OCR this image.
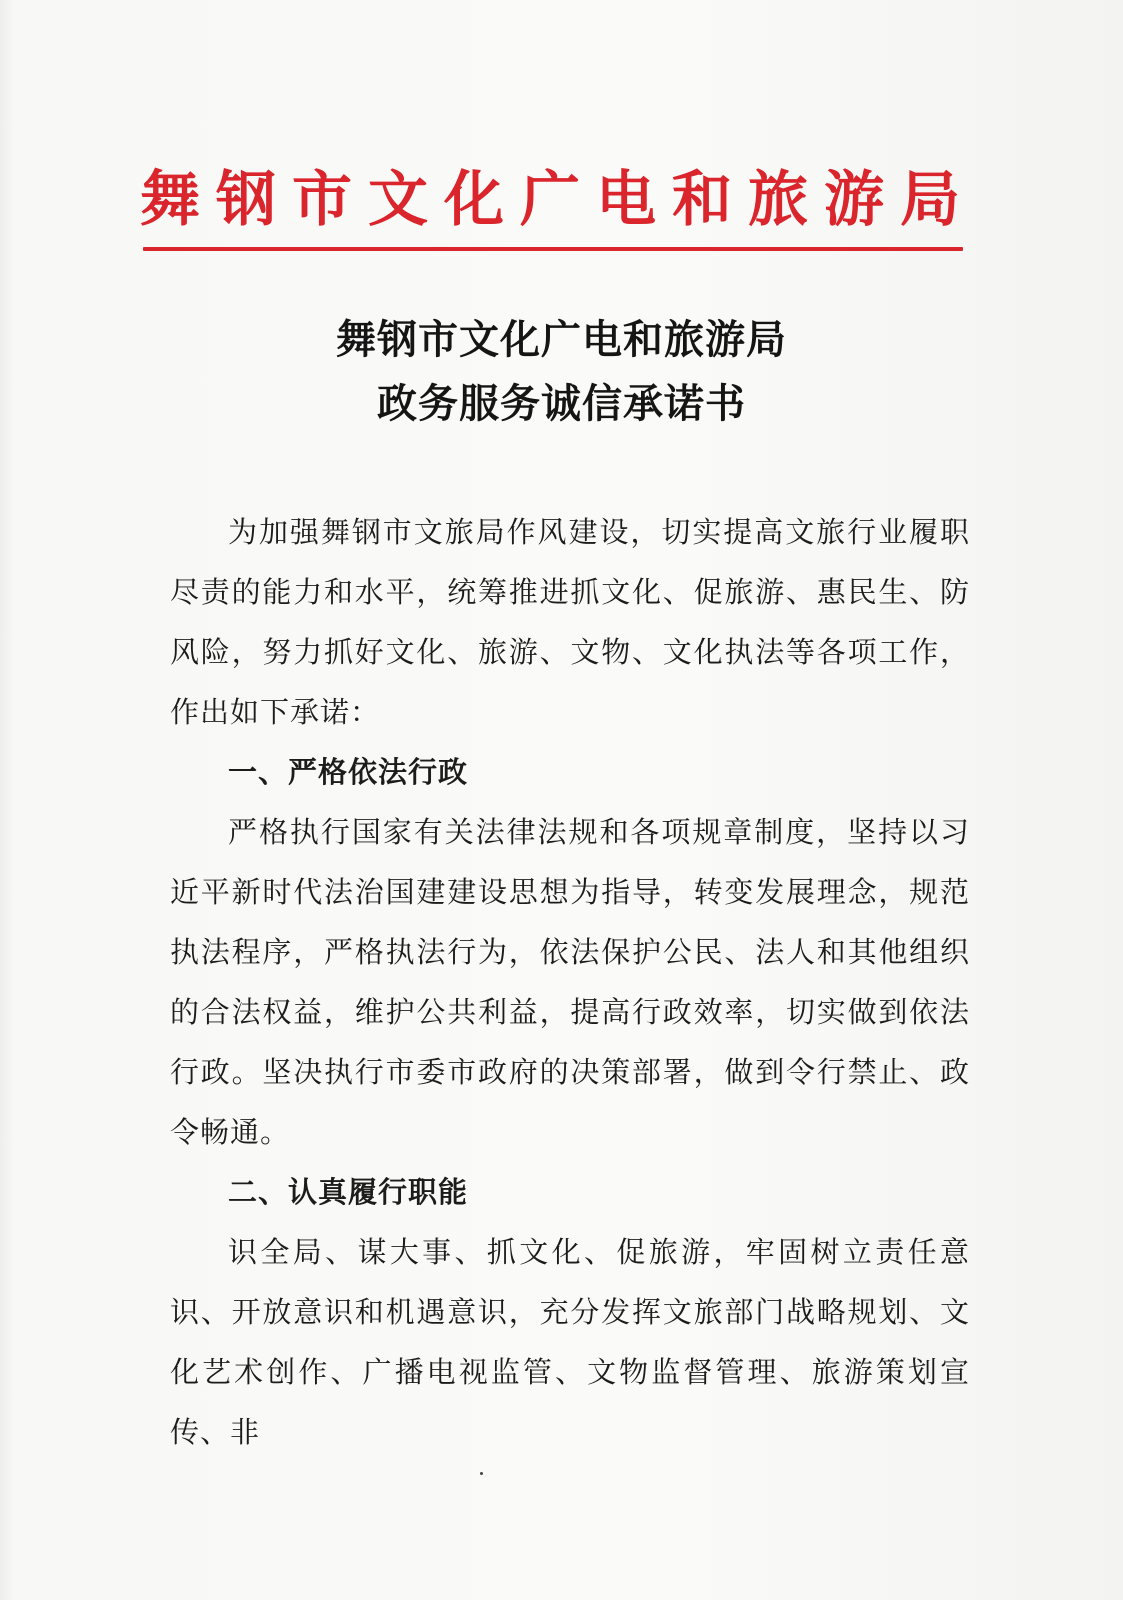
舞钢市文化广电和旅游局
舞钢市文化广电和旅游局
政务服务诚信承诺书

为加强舞钢市文旅局作风建设，切实提高文旅行业履职尽责的能力和水平，统筹推进抓文化、促旅游、惠民生、防风险，努力抓好文化、旅游、文物、文化执法等各项工作，作出如下承诺：

一、严格依法行政

严格执行国家有关法律法规和各项规章制度，坚持以习近平新时代法治国建建设思想为指导，转变发展理念，规范执法程序，严格执法行为，依法保护公民、法人和其他组织的合法权益，维护公共利益，提高行政效率，切实做到依法行政。坚决执行市委市政府的决策部署，做到令行禁止、政令畅通。

二、认真履行职能

识全局、谋大事、抓文化、促旅游，牢固树立责任意识、开放意识和机遇意识，充分发挥文旅部门战略规划、文化艺术创作、广播电视监管、文物监督管理、旅游策划宣传、非
